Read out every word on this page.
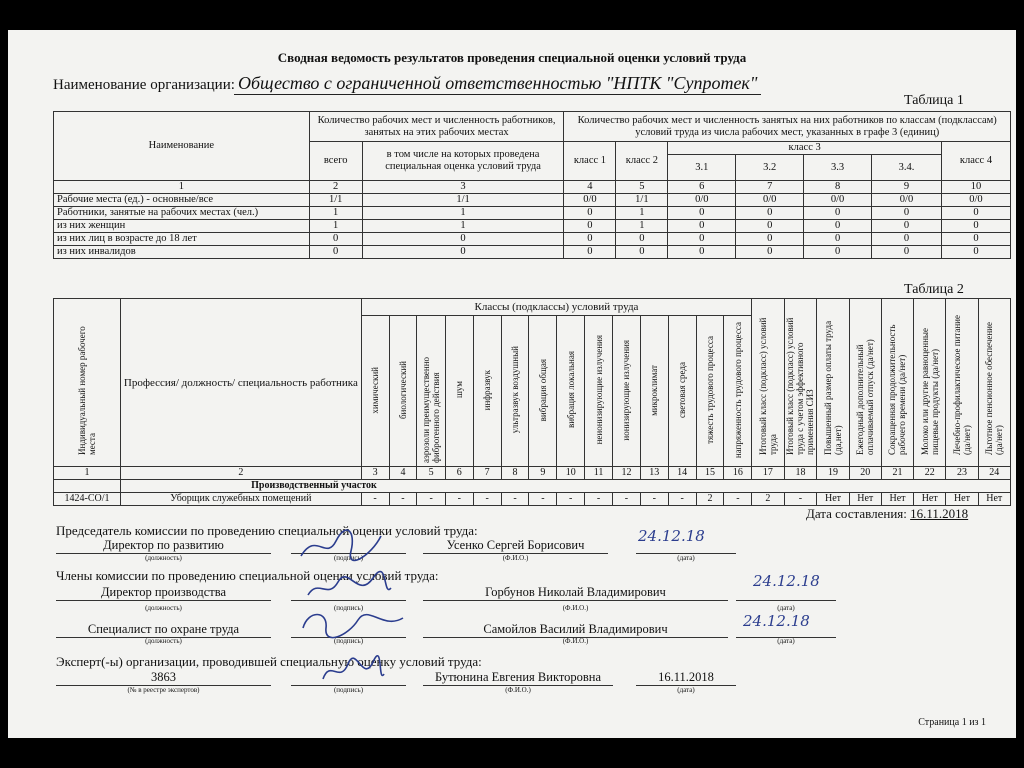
Сводная ведомость результатов проведения специальной оценки условий труда
Наименование организации: Общество с ограниченной ответственностью "НПТК "Супротек"
Таблица 1
Наименование	Количество рабочих мест и численность работников, занятых на этих рабочих местах		Количество рабочих мест и численность занятых на них работников по классам (подклассам) условий труда из числа рабочих мест, указанных в графе 3 (единиц)						
	всего	в том числе на которых проведена специальная оценка условий труда	класс 1	класс 2	класс 3				класс 4
					3.1	3.2	3.3	3.4.	
1	2	3	4	5	6	7	8	9	10
Рабочие места (ед.) - основные/все	1/1	1/1	0/0	1/1	0/0	0/0	0/0	0/0	0/0
Работники, занятые на рабочих местах (чел.)	1	1	0	1	0	0	0	0	0
из них женщин	1	1	0	1	0	0	0	0	0
из них лиц в возрасте до 18 лет	0	0	0	0	0	0	0	0	0
из них инвалидов	0	0	0	0	0	0	0	0	0
Таблица 2
Индивидуальный номер рабочего места	Профессия/ должность/ специальность работника	Классы (подклассы) условий труда														Итоговый класс (подкласс) условий труда	Итоговый класс (подкласс) условий труда с учетом эффективного применения СИЗ	Повышенный размер оплаты труда (да,нет)	Ежегодный дополнительный оплачиваемый отпуск (да/нет)	Сокращенная продолжительность рабочего времени (да/нет)	Молоко или другие равноценные пищевые продукты (да/нет)	Лечебно-профилактическое питание (да/нет)	Льготное пенсионное обеспечение (да/нет)
		химический	биологический	аэрозоли преимущественно фиброгенного действия	шум	инфразвук	ультразвук воздушный	вибрация общая	вибрация локальная	неионизирующие излучения	ионизирующие излучения	микроклимат	световая среда	тяжесть трудового процесса	напряженность трудового процесса								
1	2	3	4	5	6	7	8	9	10	11	12	13	14	15	16	17	18	19	20	21	22	23	24
	Производственный участок																						
1424-СО/1	Уборщик служебных помещений	-	-	-	-	-	-	-	-	-	-	-	-	2	-	2	-	Нет	Нет	Нет	Нет	Нет	Нет
Дата составления: 16.11.2018
Председатель комиссии по проведению специальной оценки условий труда:
Директор по развитию
(должность)	(подпись)
Усенко Сергей Борисович
(Ф.И.О.)
24.12.18
(дата)
Члены комиссии по проведению специальной оценки условий труда:
Директор производства
(должность)	(подпись)
Горбунов Николай Владимирович
(Ф.И.О.)
24.12.18
(дата)
Специалист по охране труда
(должность)	(подпись)
Самойлов Василий Владимирович
(Ф.И.О.)
24.12.18
(дата)
Эксперт(-ы) организации, проводившей специальную оценку условий труда:
3863
(№ в реестре экспертов)	(подпись)
Бутюнина Евгения Викторовна
(Ф.И.О.)
16.11.2018
(дата)
Страница 1 из 1
